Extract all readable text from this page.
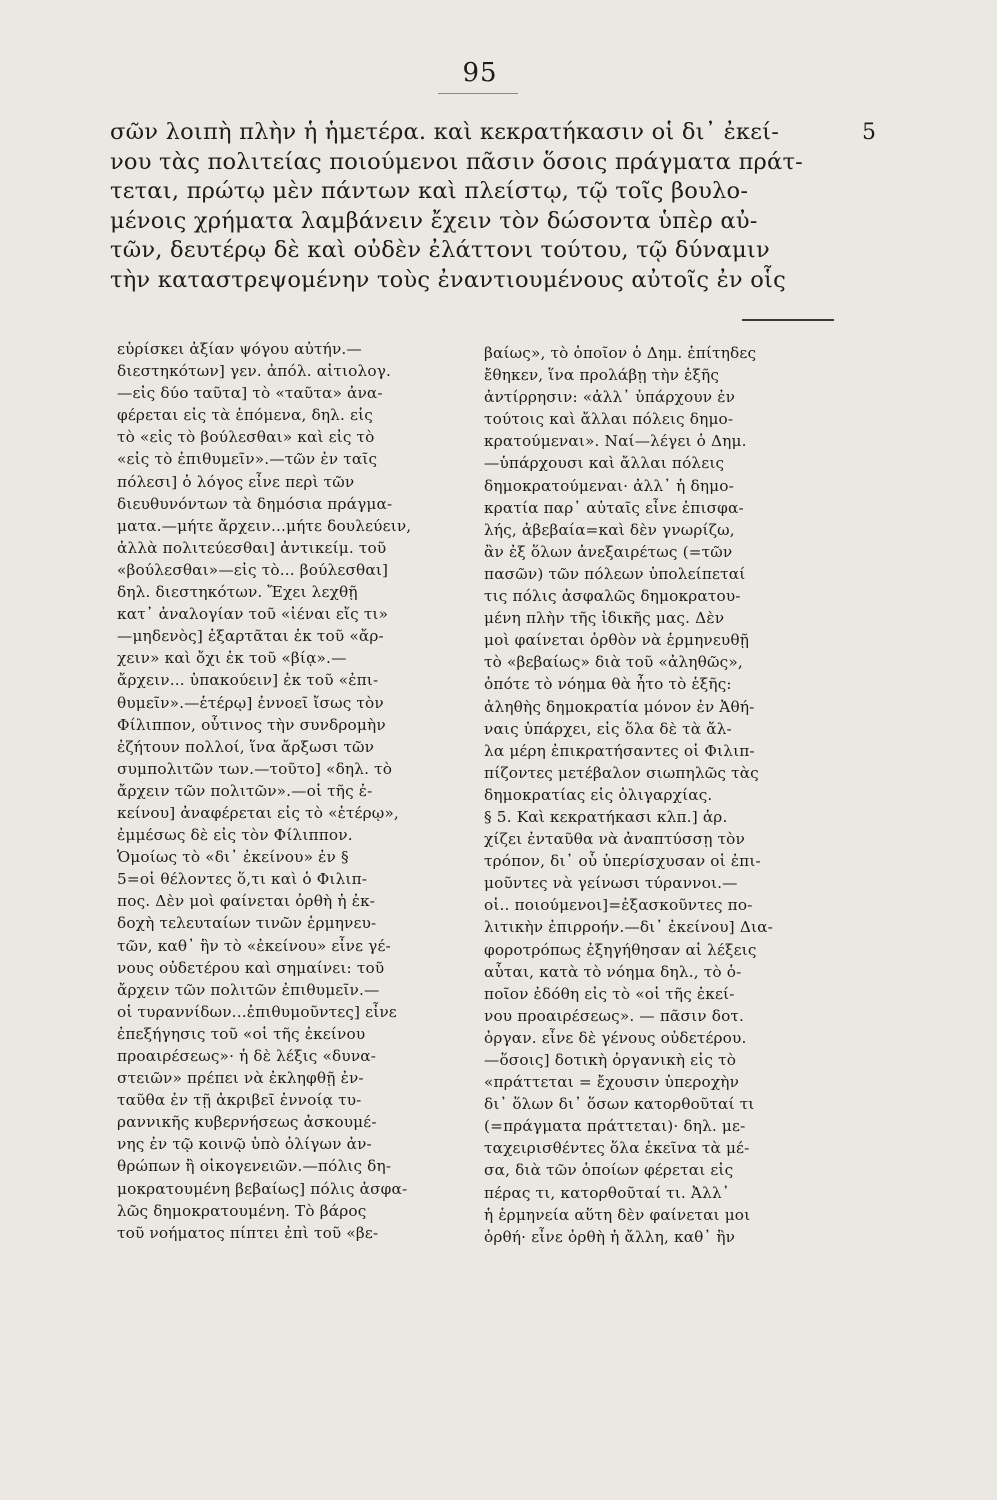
95
σῶν λοιπὴ πλὴν ἡ ἡμετέρα. καὶ κεκρατήκασιν οἱ δι᾽ ἐκεί-
νου τὰς πολιτείας ποιούμενοι πᾶσιν ὅσοις πράγματα πράτ-
τεται, πρώτῳ μὲν πάντων καὶ πλείστῳ, τῷ τοῖς βουλο-
μένοις χρήματα λαμβάνειν ἔχειν τὸν δώσοντα ὑπὲρ αὐ-
τῶν, δευτέρῳ δὲ καὶ οὐδὲν ἐλάττονι τούτου, τῷ δύναμιν
τὴν καταστρεψομένην τοὺς ἐναντιουμένους αὐτοῖς ἐν οἷς
5
εὑρίσκει ἀξίαν ψόγου αὐτήν.—
διεστηκότων] γεν. ἀπόλ. αἰτιολογ.
—εἰς δύο ταῦτα] τὸ «ταῦτα» ἀνα-
φέρεται εἰς τὰ ἑπόμενα, δηλ. εἰς
τὸ «εἰς τὸ βούλεσθαι» καὶ εἰς τὸ
«εἰς τὸ ἐπιθυμεῖν».—τῶν ἐν ταῖς
πόλεσι] ὁ λόγος εἶνε περὶ τῶν
διευθυνόντων τὰ δημόσια πράγμα-
ματα.—μήτε ἄρχειν...μήτε δουλεύειν,
ἀλλὰ πολιτεύεσθαι] ἀντικείμ. τοῦ
«βούλεσθαι»—εἰς τὸ... βούλεσθαι]
δηλ. διεστηκότων. Ἔχει λεχθῇ
κατ᾽ ἀναλογίαν τοῦ «ἰέναι εἴς τι»
—μηδενὸς] ἐξαρτᾶται ἐκ τοῦ «ἄρ-
χειν» καὶ ὄχι ἐκ τοῦ «βίᾳ».—
ἄρχειν... ὑπακούειν] ἐκ τοῦ «ἐπι-
θυμεῖν».—ἑτέρῳ] ἐννοεῖ ἴσως τὸν
Φίλιππον, οὗτινος τὴν συνδρομὴν
ἐζήτουν πολλοί, ἵνα ἄρξωσι τῶν
συμπολιτῶν των.—τοῦτο] «δηλ. τὸ
ἄρχειν τῶν πολιτῶν».—οἱ τῆς ἐ-
κείνου] ἀναφέρεται εἰς τὸ «ἑτέρῳ»,
ἐμμέσως δὲ εἰς τὸν Φίλιππον.
Ὁμοίως τὸ «δι᾽ ἐκείνου» ἐν §
5=οἱ θέλοντες ὅ,τι καὶ ὁ Φιλιπ-
πος. Δὲν μοὶ φαίνεται ὀρθὴ ἡ ἐκ-
δοχὴ τελευταίων τινῶν ἑρμηνευ-
τῶν, καθ᾽ ἣν τὸ «ἐκείνου» εἶνε γέ-
νους οὐδετέρου καὶ σημαίνει: τοῦ
ἄρχειν τῶν πολιτῶν ἐπιθυμεῖν.—
οἱ τυραννίδων...ἐπιθυμοῦντες] εἶνε
ἐπεξήγησις τοῦ «οἱ τῆς ἐκείνου
προαιρέσεως»· ἡ δὲ λέξις «δυνα-
στειῶν» πρέπει νὰ ἐκληφθῇ ἐν-
ταῦθα ἐν τῇ ἀκριβεῖ ἐννοίᾳ τυ-
ραννικῆς κυβερνήσεως ἀσκουμέ-
νης ἐν τῷ κοινῷ ὑπὸ ὀλίγων ἀν-
θρώπων ἢ οἰκογενειῶν.—πόλις δη-
μοκρατουμένη βεβαίως] πόλις ἀσφα-
λῶς δημοκρατουμένη. Τὸ βάρος
τοῦ νοήματος πίπτει ἐπὶ τοῦ «βε-
βαίως», τὸ ὁποῖον ὁ Δημ. ἐπίτηδες
ἔθηκεν, ἵνα προλάβῃ τὴν ἑξῆς
ἀντίρρησιν: «ἀλλ᾽ ὑπάρχουν ἐν
τούτοις καὶ ἄλλαι πόλεις δημο-
κρατούμεναι». Ναί—λέγει ὁ Δημ.
—ὑπάρχουσι καὶ ἄλλαι πόλεις
δημοκρατούμεναι· ἀλλ᾽ ἡ δημο-
κρατία παρ᾽ αὐταῖς εἶνε ἐπισφα-
λής, ἀβεβαία=καὶ δὲν γνωρίζω,
ἂν ἐξ ὅλων ἀνεξαιρέτως (=τῶν
πασῶν) τῶν πόλεων ὑπολείπεταί
τις πόλις ἀσφαλῶς δημοκρατου-
μένη πλὴν τῆς ἰδικῆς μας. Δὲν
μοὶ φαίνεται ὀρθὸν νὰ ἑρμηνευθῇ
τὸ «βεβαίως» διὰ τοῦ «ἀληθῶς»,
ὁπότε τὸ νόημα θὰ ἦτο τὸ ἑξῆς:
ἀληθὴς δημοκρατία μόνον ἐν Ἀθή-
ναις ὑπάρχει, εἰς ὅλα δὲ τὰ ἄλ-
λα μέρη ἐπικρατήσαντες οἱ Φιλιπ-
πίζοντες μετέβαλον σιωπηλῶς τὰς
δημοκρατίας εἰς ὀλιγαρχίας.
§ 5. Καὶ κεκρατήκασι κλπ.] ἀρ.
χίζει ἐνταῦθα νὰ ἀναπτύσσῃ τὸν
τρόπον, δι᾽ οὗ ὑπερίσχυσαν οἱ ἐπι-
μοῦντες νὰ γείνωσι τύραννοι.—
οἱ.. ποιούμενοι]=ἐξασκοῦντες πο-
λιτικὴν ἐπιρροήν.—δι᾽ ἐκείνου] Δια-
φοροτρόπως ἐξηγήθησαν αἱ λέξεις
αὗται, κατὰ τὸ νόημα δηλ., τὸ ὁ-
ποῖον ἐδόθη εἰς τὸ «οἱ τῆς ἐκεί-
νου προαιρέσεως». — πᾶσιν δοτ.
ὀργαν. εἶνε δὲ γένους οὐδετέρου.
—ὅσοις] δοτικὴ ὀργανικὴ εἰς τὸ
«πράττεται = ἔχουσιν ὑπεροχὴν
δι᾽ ὅλων δι᾽ ὅσων κατορθοῦταί τι
(=πράγματα πράττεται)· δηλ. με-
ταχειρισθέντες ὅλα ἐκεῖνα τὰ μέ-
σα, διὰ τῶν ὁποίων φέρεται εἰς
πέρας τι, κατορθοῦταί τι. Ἀλλ᾽
ἡ ἑρμηνεία αὕτη δὲν φαίνεται μοι
ὀρθή· εἶνε ὀρθὴ ἡ ἄλλη, καθ᾽ ἣν
